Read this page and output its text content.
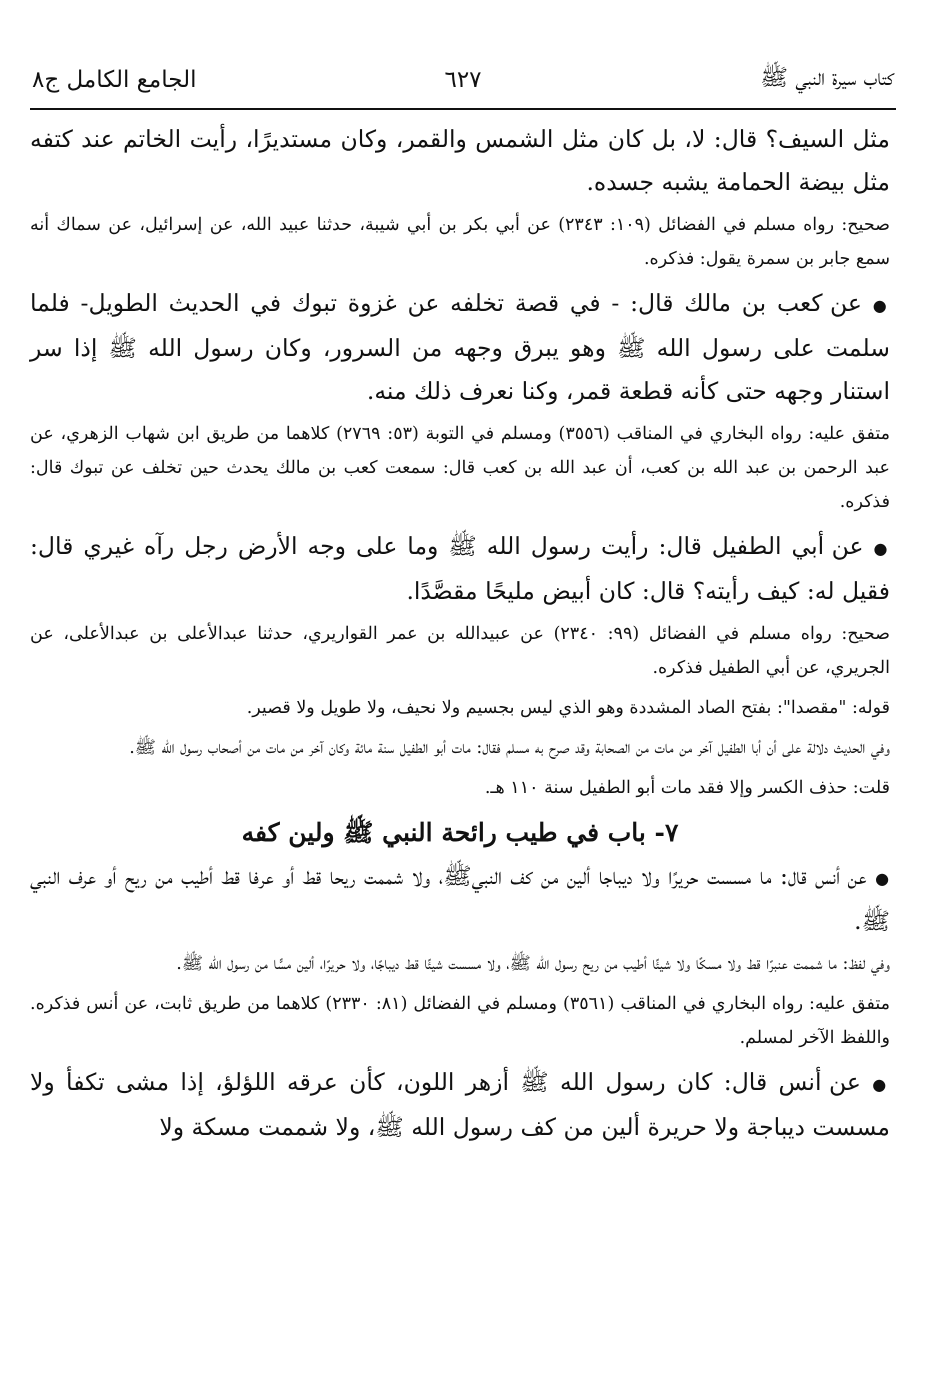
كتاب سيرة النبي ﷺ
٦٢٧
الجامع الكامل ج٨

مثل السيف؟ قال: لا، بل كان مثل الشمس والقمر، وكان مستديرًا، رأيت الخاتم عند كتفه مثل بيضة الحمامة يشبه جسده.

صحيح: رواه مسلم في الفضائل (١٠٩: ٢٣٤٣) عن أبي بكر بن أبي شيبة، حدثنا عبيد الله، عن إسرائيل، عن سماك أنه سمع جابر بن سمرة يقول: فذكره.

● عن كعب بن مالك قال: - في قصة تخلفه عن غزوة تبوك في الحديث الطويل- فلما سلمت على رسول الله ﷺ وهو يبرق وجهه من السرور، وكان رسول الله ﷺ إذا سر استنار وجهه حتى كأنه قطعة قمر، وكنا نعرف ذلك منه.

متفق عليه: رواه البخاري في المناقب (٣٥٥٦) ومسلم في التوبة (٥٣: ٢٧٦٩) كلاهما من طريق ابن شهاب الزهري، عن عبد الرحمن بن عبد الله بن كعب، أن عبد الله بن كعب قال: سمعت كعب بن مالك يحدث حين تخلف عن تبوك قال: فذكره.

● عن أبي الطفيل قال: رأيت رسول الله ﷺ وما على وجه الأرض رجل رآه غيري قال: فقيل له: كيف رأيته؟ قال: كان أبيض مليحًا مقصَّدًا.

صحيح: رواه مسلم في الفضائل (٩٩: ٢٣٤٠) عن عبيدالله بن عمر القواريري، حدثنا عبدالأعلى بن عبدالأعلى، عن الجريري، عن أبي الطفيل فذكره.

قوله: "مقصدا": بفتح الصاد المشددة وهو الذي ليس بجسيم ولا نحيف، ولا طويل ولا قصير.

وفي الحديث دلالة على أن أبا الطفيل آخر من مات من الصحابة وقد صرح به مسلم فقال: مات أبو الطفيل سنة مائة وكان آخر من مات من أصحاب رسول الله ﷺ.

قلت: حذف الكسر وإلا فقد مات أبو الطفيل سنة ١١٠ هـ.

٧- باب في طيب رائحة النبي ﷺ ولين كفه

● عن أنس قال: ما مسست حريرًا ولا ديباجا ألين من كف النبيﷺ، ولا شممت ريحا قط أو عرفا قط أطيب من ريح أو عرف النبي ﷺ.

وفي لفظ: ما شممت عنبرًا قط ولا مسكًا ولا شيئًا أطيب من ريح رسول الله ﷺ، ولا مسست شيئًا قط ديباجًا، ولا حريرًا، ألين مسًّا من رسول الله ﷺ.

متفق عليه: رواه البخاري في المناقب (٣٥٦١) ومسلم في الفضائل (٨١: ٢٣٣٠) كلاهما من طريق ثابت، عن أنس فذكره. واللفظ الآخر لمسلم.

● عن أنس قال: كان رسول الله ﷺ أزهر اللون، كأن عرقه اللؤلؤ، إذا مشى تكفأ ولا مسست ديباجة ولا حريرة ألين من كف رسول الله ﷺ، ولا شممت مسكة ولا
